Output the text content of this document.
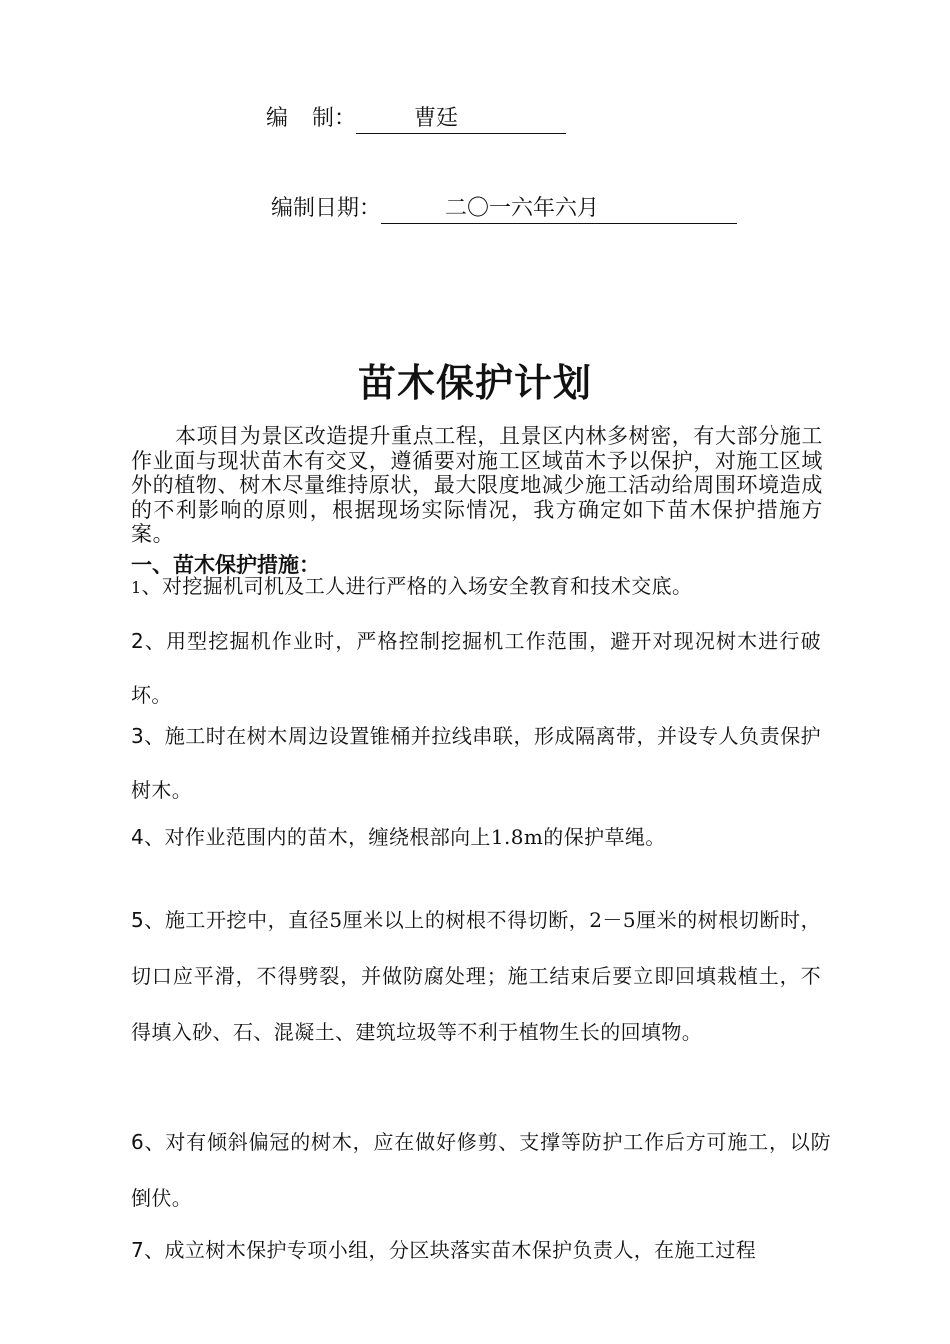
编 制：	曹廷
编制日期：	二〇一六年六月
苗木保护计划

本项目为景区改造提升重点工程，且景区内林多树密，有大部分施工作业面与现状苗木有交叉，遵循要对施工区域苗木予以保护，对施工区域外的植物、树木尽量维持原状，最大限度地减少施工活动给周围环境造成的不利影响的原则，根据现场实际情况，我方确定如下苗木保护措施方案。

一、苗木保护措施：

1、对挖掘机司机及工人进行严格的入场安全教育和技术交底。

2、用型挖掘机作业时，严格控制挖掘机工作范围，避开对现况树木进行破坏。

3、施工时在树木周边设置锥桶并拉线串联，形成隔离带，并设专人负责保护树木。

4、对作业范围内的苗木，缠绕根部向上1.8m的保护草绳。

5、施工开挖中，直径5厘米以上的树根不得切断，2－5厘米的树根切断时，切口应平滑，不得劈裂，并做防腐处理；施工结束后要立即回填栽植土，不得填入砂、石、混凝土、建筑垃圾等不利于植物生长的回填物。

6、对有倾斜偏冠的树木，应在做好修剪、支撑等防护工作后方可施工，以防倒伏。

7、成立树木保护专项小组，分区块落实苗木保护负责人，在施工过程
